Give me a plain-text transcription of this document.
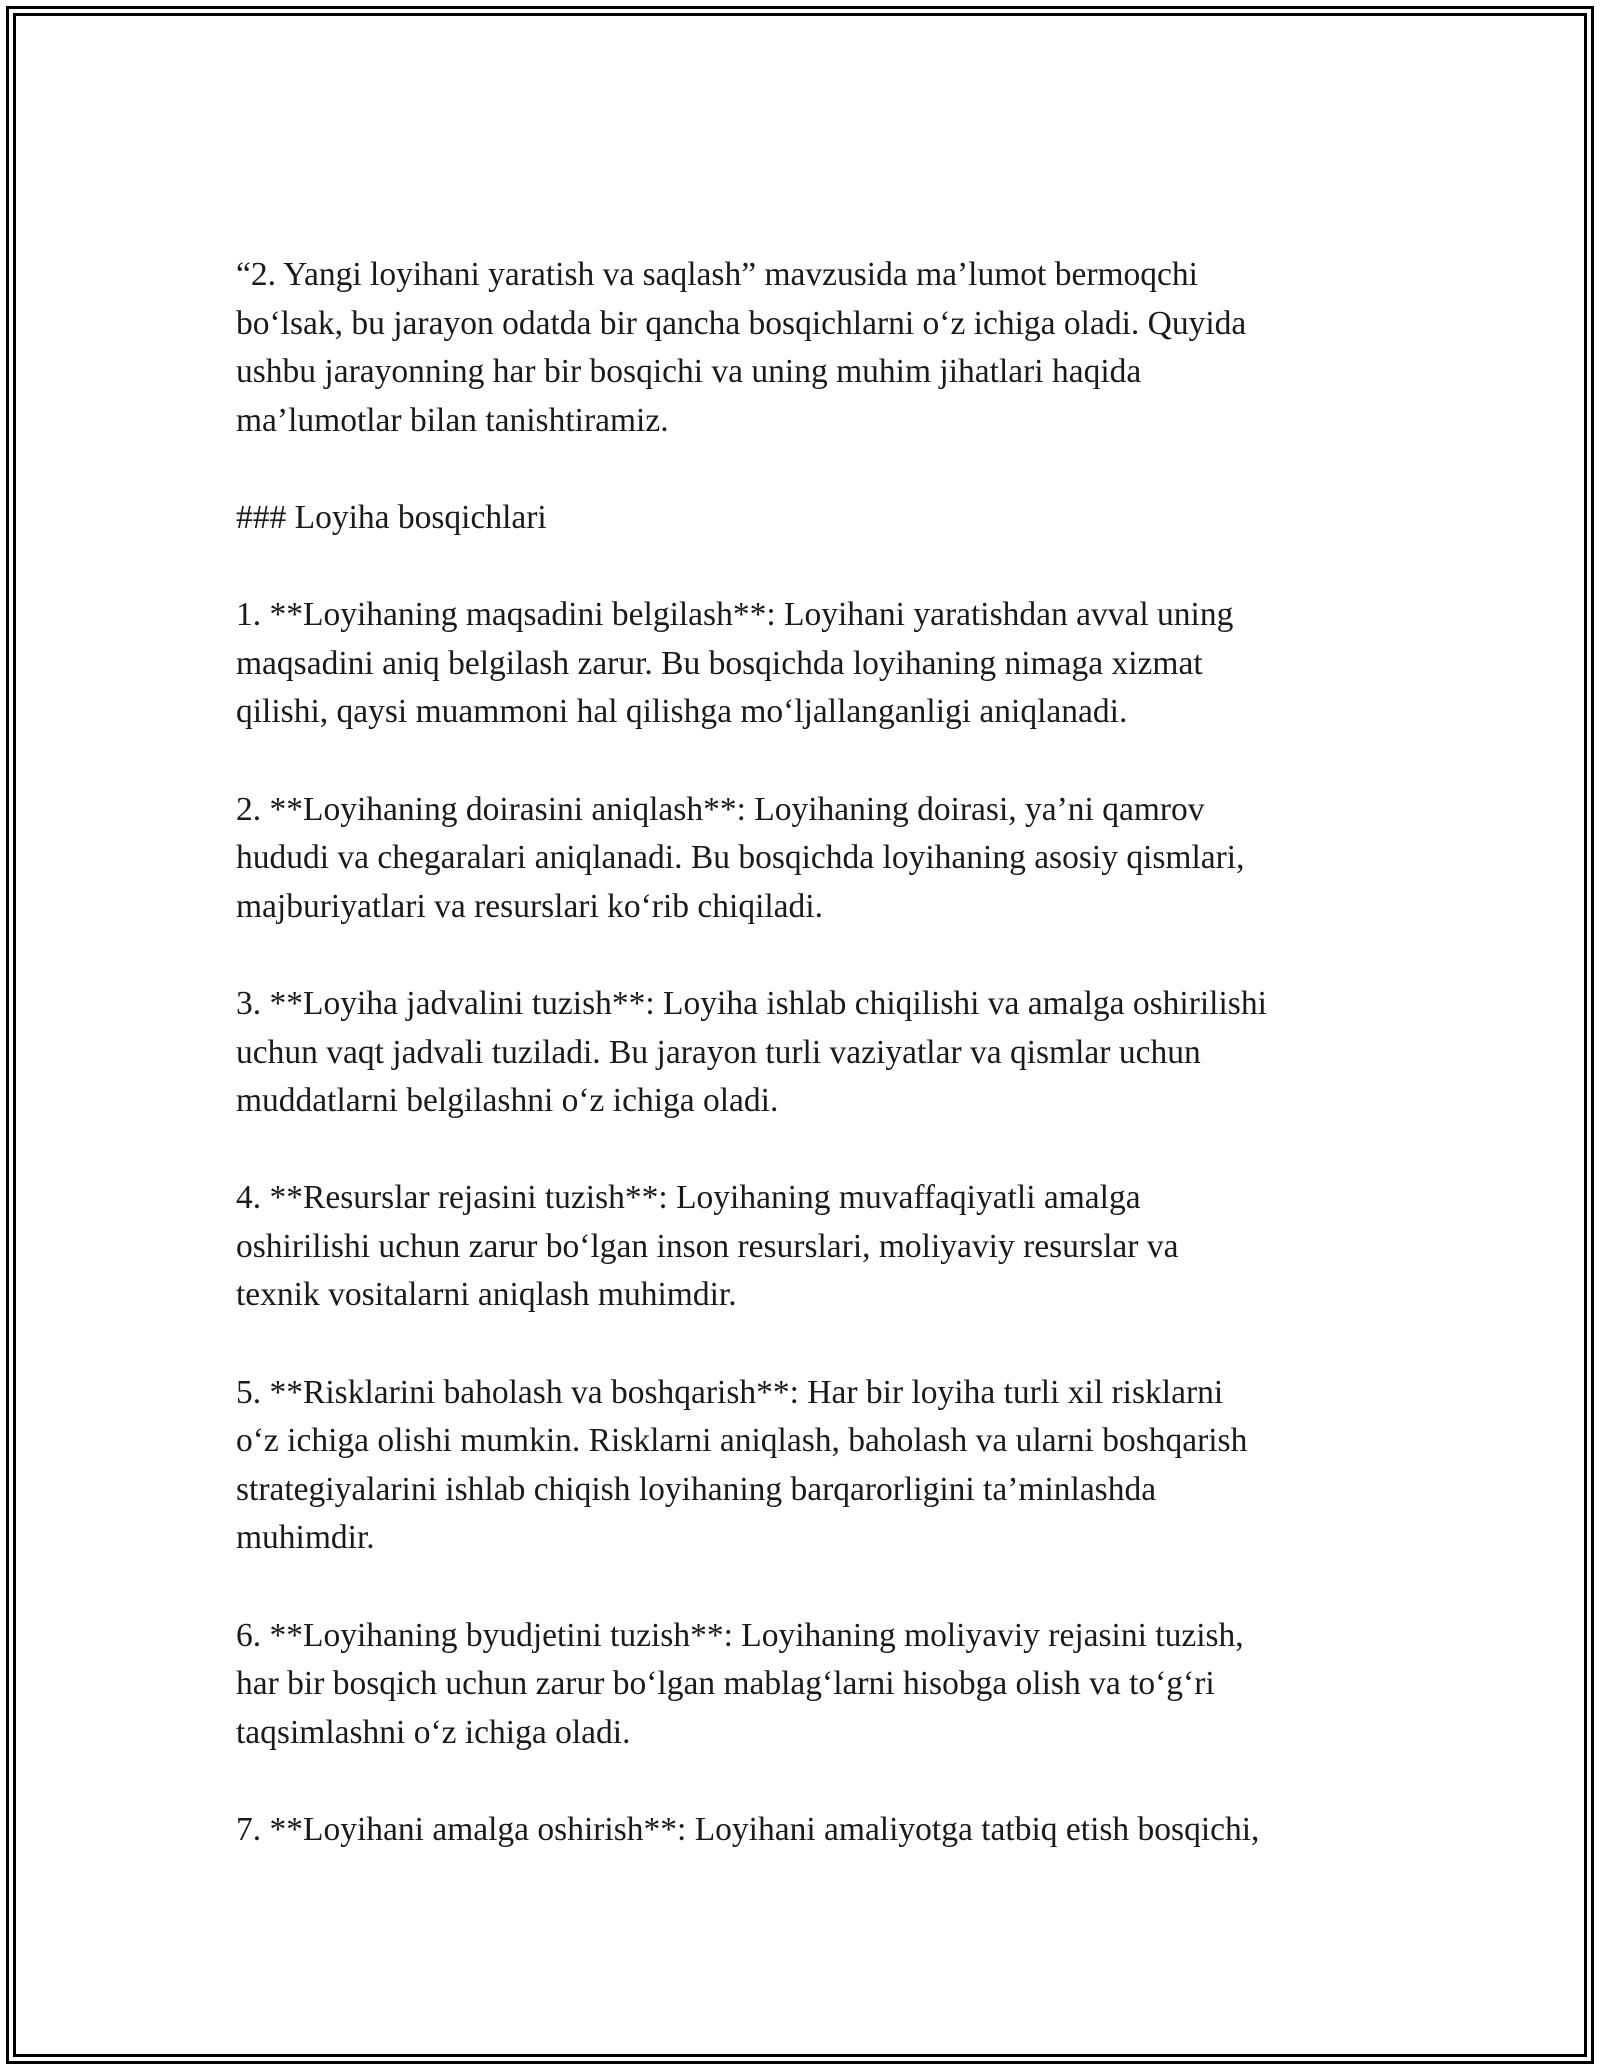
“2. Yangi loyihani yaratish va saqlash” mavzusida ma’lumot bermoqchi
bo‘lsak, bu jarayon odatda bir qancha bosqichlarni o‘z ichiga oladi. Quyida
ushbu jarayonning har bir bosqichi va uning muhim jihatlari haqida
ma’lumotlar bilan tanishtiramiz.

### Loyiha bosqichlari

1. **Loyihaning maqsadini belgilash**: Loyihani yaratishdan avval uning
maqsadini aniq belgilash zarur. Bu bosqichda loyihaning nimaga xizmat
qilishi, qaysi muammoni hal qilishga mo‘ljallanganligi aniqlanadi.

2. **Loyihaning doirasini aniqlash**: Loyihaning doirasi, ya’ni qamrov
hududi va chegaralari aniqlanadi. Bu bosqichda loyihaning asosiy qismlari,
majburiyatlari va resurslari ko‘rib chiqiladi.

3. **Loyiha jadvalini tuzish**: Loyiha ishlab chiqilishi va amalga oshirilishi
uchun vaqt jadvali tuziladi. Bu jarayon turli vaziyatlar va qismlar uchun
muddatlarni belgilashni o‘z ichiga oladi.

4. **Resurslar rejasini tuzish**: Loyihaning muvaffaqiyatli amalga
oshirilishi uchun zarur bo‘lgan inson resurslari, moliyaviy resurslar va
texnik vositalarni aniqlash muhimdir.

5. **Risklarini baholash va boshqarish**: Har bir loyiha turli xil risklarni
o‘z ichiga olishi mumkin. Risklarni aniqlash, baholash va ularni boshqarish
strategiyalarini ishlab chiqish loyihaning barqarorligini ta’minlashda
muhimdir.

6. **Loyihaning byudjetini tuzish**: Loyihaning moliyaviy rejasini tuzish,
har bir bosqich uchun zarur bo‘lgan mablag‘larni hisobga olish va to‘g‘ri
taqsimlashni o‘z ichiga oladi.

7. **Loyihani amalga oshirish**: Loyihani amaliyotga tatbiq etish bosqichi,
